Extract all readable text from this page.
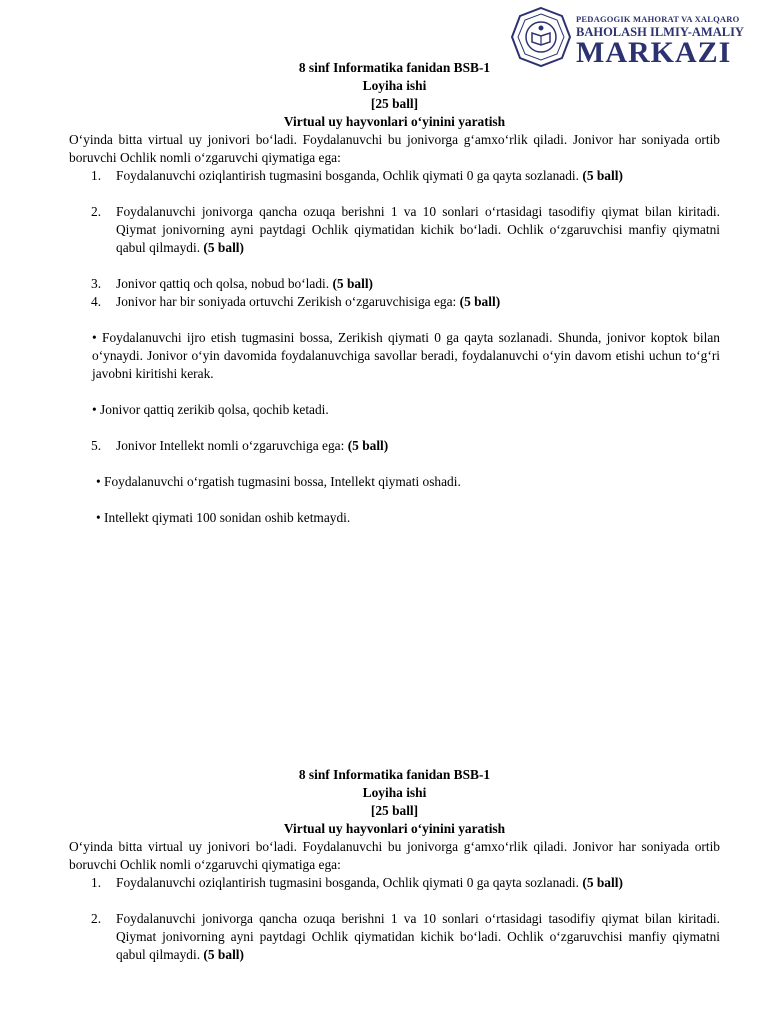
PEDAGOGIK MAHORAT VA XALQARO
BAHOLASH ILMIY-AMALIY
MARKAZI
8 sinf Informatika fanidan BSB-1
Loyiha ishi
[25 ball]
Virtual uy hayvonlari o‘yinini yaratish
O‘yinda bitta virtual uy jonivori bo‘ladi. Foydalanuvchi bu jonivorga g‘amxo‘rlik qiladi. Jonivor har soniyada ortib boruvchi Ochlik nomli o‘zgaruvchi qiymatiga ega:
1. Foydalanuvchi oziqlantirish tugmasini bosganda, Ochlik qiymati 0 ga qayta sozlanadi. (5 ball)
2. Foydalanuvchi jonivorga qancha ozuqa berishni 1 va 10 sonlari o‘rtasidagi tasodifiy qiymat bilan kiritadi. Qiymat jonivorning ayni paytdagi Ochlik qiymatidan kichik bo‘ladi. Ochlik o‘zgaruvchisi manfiy qiymatni qabul qilmaydi. (5 ball)
3. Jonivor qattiq och qolsa, nobud bo‘ladi. (5 ball)
4. Jonivor har bir soniyada ortuvchi Zerikish o‘zgaruvchisiga ega: (5 ball)
• Foydalanuvchi ijro etish tugmasini bossa, Zerikish qiymati 0 ga qayta sozlanadi. Shunda, jonivor koptok bilan o‘ynaydi. Jonivor o‘yin davomida foydalanuvchiga savollar beradi, foydalanuvchi o‘yin davom etishi uchun to‘g‘ri javobni kiritishi kerak.
• Jonivor qattiq zerikib qolsa, qochib ketadi.
5. Jonivor Intellekt nomli o‘zgaruvchiga ega: (5 ball)
• Foydalanuvchi o‘rgatish tugmasini bossa, Intellekt qiymati oshadi.
• Intellekt qiymati 100 sonidan oshib ketmaydi.
8 sinf Informatika fanidan BSB-1
Loyiha ishi
[25 ball]
Virtual uy hayvonlari o‘yinini yaratish
O‘yinda bitta virtual uy jonivori bo‘ladi. Foydalanuvchi bu jonivorga g‘amxo‘rlik qiladi. Jonivor har soniyada ortib boruvchi Ochlik nomli o‘zgaruvchi qiymatiga ega:
1. Foydalanuvchi oziqlantirish tugmasini bosganda, Ochlik qiymati 0 ga qayta sozlanadi. (5 ball)
2. Foydalanuvchi jonivorga qancha ozuqa berishni 1 va 10 sonlari o‘rtasidagi tasodifiy qiymat bilan kiritadi. Qiymat jonivorning ayni paytdagi Ochlik qiymatidan kichik bo‘ladi. Ochlik o‘zgaruvchisi manfiy qiymatni qabul qilmaydi. (5 ball)
